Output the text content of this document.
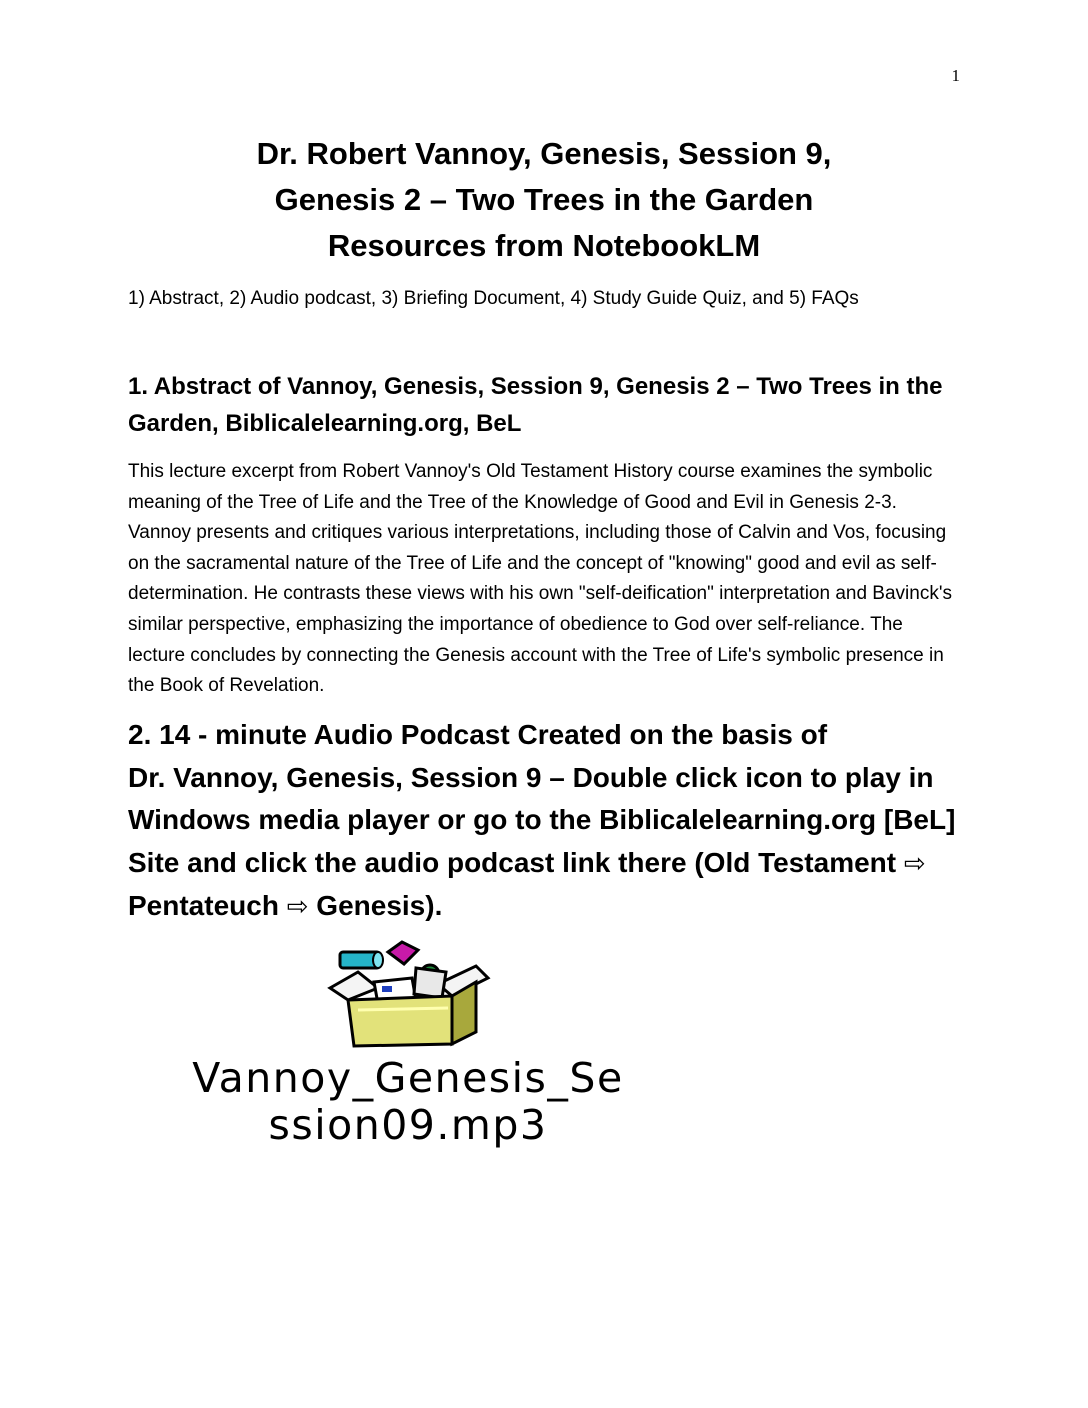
1
Dr. Robert Vannoy, Genesis, Session 9,
Genesis 2 – Two Trees in the Garden
Resources from NotebookLM
1) Abstract, 2) Audio podcast, 3) Briefing Document, 4) Study Guide Quiz, and 5) FAQs
1. Abstract of Vannoy, Genesis, Session 9, Genesis 2 – Two Trees in the Garden, Biblicalelearning.org, BeL
This lecture excerpt from Robert Vannoy's Old Testament History course examines the symbolic meaning of the Tree of Life and the Tree of the Knowledge of Good and Evil in Genesis 2-3. Vannoy presents and critiques various interpretations, including those of Calvin and Vos, focusing on the sacramental nature of the Tree of Life and the concept of "knowing" good and evil as self-determination. He contrasts these views with his own "self-deification" interpretation and Bavinck's similar perspective, emphasizing the importance of obedience to God over self-reliance. The lecture concludes by connecting the Genesis account with the Tree of Life's symbolic presence in the Book of Revelation.
2. 14 - minute Audio Podcast Created on the basis of
Dr. Vannoy, Genesis, Session 9 – Double click icon to play in Windows media player or go to the Biblicalelearning.org [BeL] Site and click the audio podcast link there (Old Testament ⇨ Pentateuch ⇨ Genesis).
Vannoy_Genesis_Se
ssion09.mp3
